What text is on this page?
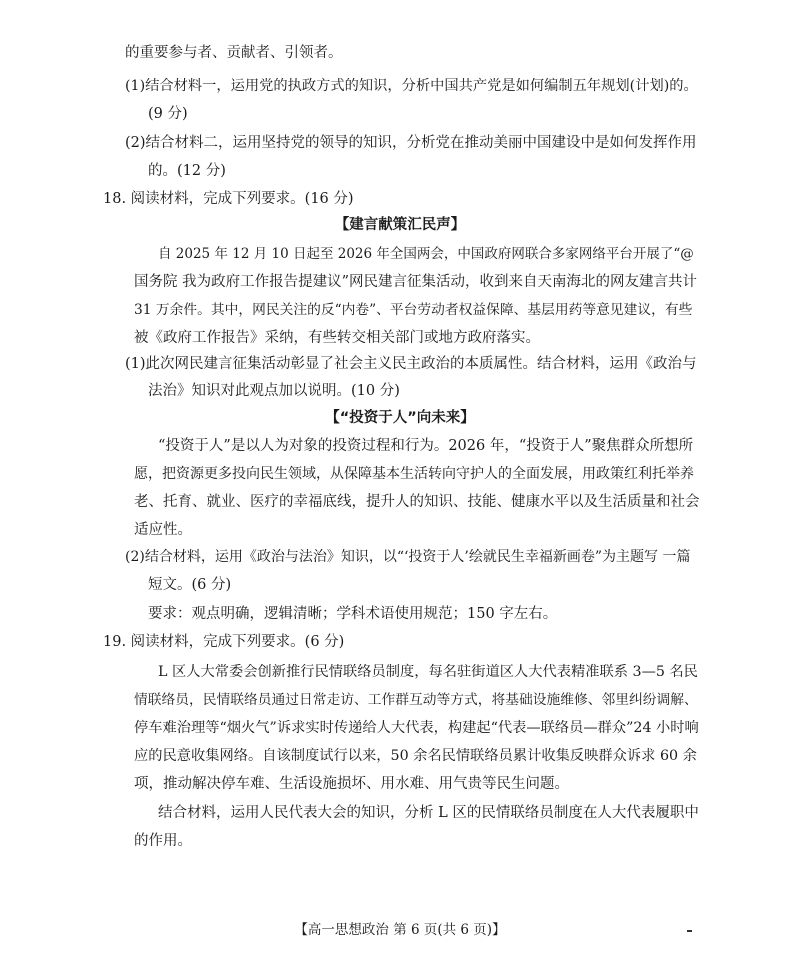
的重要参与者、贡献者、引领者。
(1)结合材料一，运用党的执政方式的知识，分析中国共产党是如何编制五年规划(计划)的。
(9 分)
(2)结合材料二，运用坚持党的领导的知识，分析党在推动美丽中国建设中是如何发挥作用
的。(12 分)
18. 阅读材料，完成下列要求。(16 分)
【建言献策汇民声】
自 2025 年 12 月 10 日起至 2026 年全国两会，中国政府网联合多家网络平台开展了“@
国务院 我为政府工作报告提建议”网民建言征集活动，收到来自天南海北的网友建言共计
31 万余件。其中，网民关注的反“内卷”、平台劳动者权益保障、基层用药等意见建议，有些
被《政府工作报告》采纳，有些转交相关部门或地方政府落实。
(1)此次网民建言征集活动彰显了社会主义民主政治的本质属性。结合材料，运用《政治与
法治》知识对此观点加以说明。(10 分)
【“投资于人”向未来】
“投资于人”是以人为对象的投资过程和行为。2026 年，“投资于人”聚焦群众所想所
愿，把资源更多投向民生领域，从保障基本生活转向守护人的全面发展，用政策红利托举养
老、托育、就业、医疗的幸福底线，提升人的知识、技能、健康水平以及生活质量和社会
适应性。
(2)结合材料，运用《政治与法治》知识，以“‘投资于人’绘就民生幸福新画卷”为主题写 一篇
短文。(6 分)
要求：观点明确，逻辑清晰；学科术语使用规范；150 字左右。
19. 阅读材料，完成下列要求。(6 分)
L 区人大常委会创新推行民情联络员制度，每名驻街道区人大代表精准联系 3—5 名民
情联络员，民情联络员通过日常走访、工作群互动等方式，将基础设施维修、邻里纠纷调解、
停车难治理等“烟火气”诉求实时传递给人大代表，构建起“代表—联络员—群众”24 小时响
应的民意收集网络。自该制度试行以来，50 余名民情联络员累计收集反映群众诉求 60 余
项，推动解决停车难、生活设施损坏、用水难、用气贵等民生问题。
结合材料，运用人民代表大会的知识，分析 L 区的民情联络员制度在人大代表履职中
的作用。
【高一思想政治 第 6 页(共 6 页)】
